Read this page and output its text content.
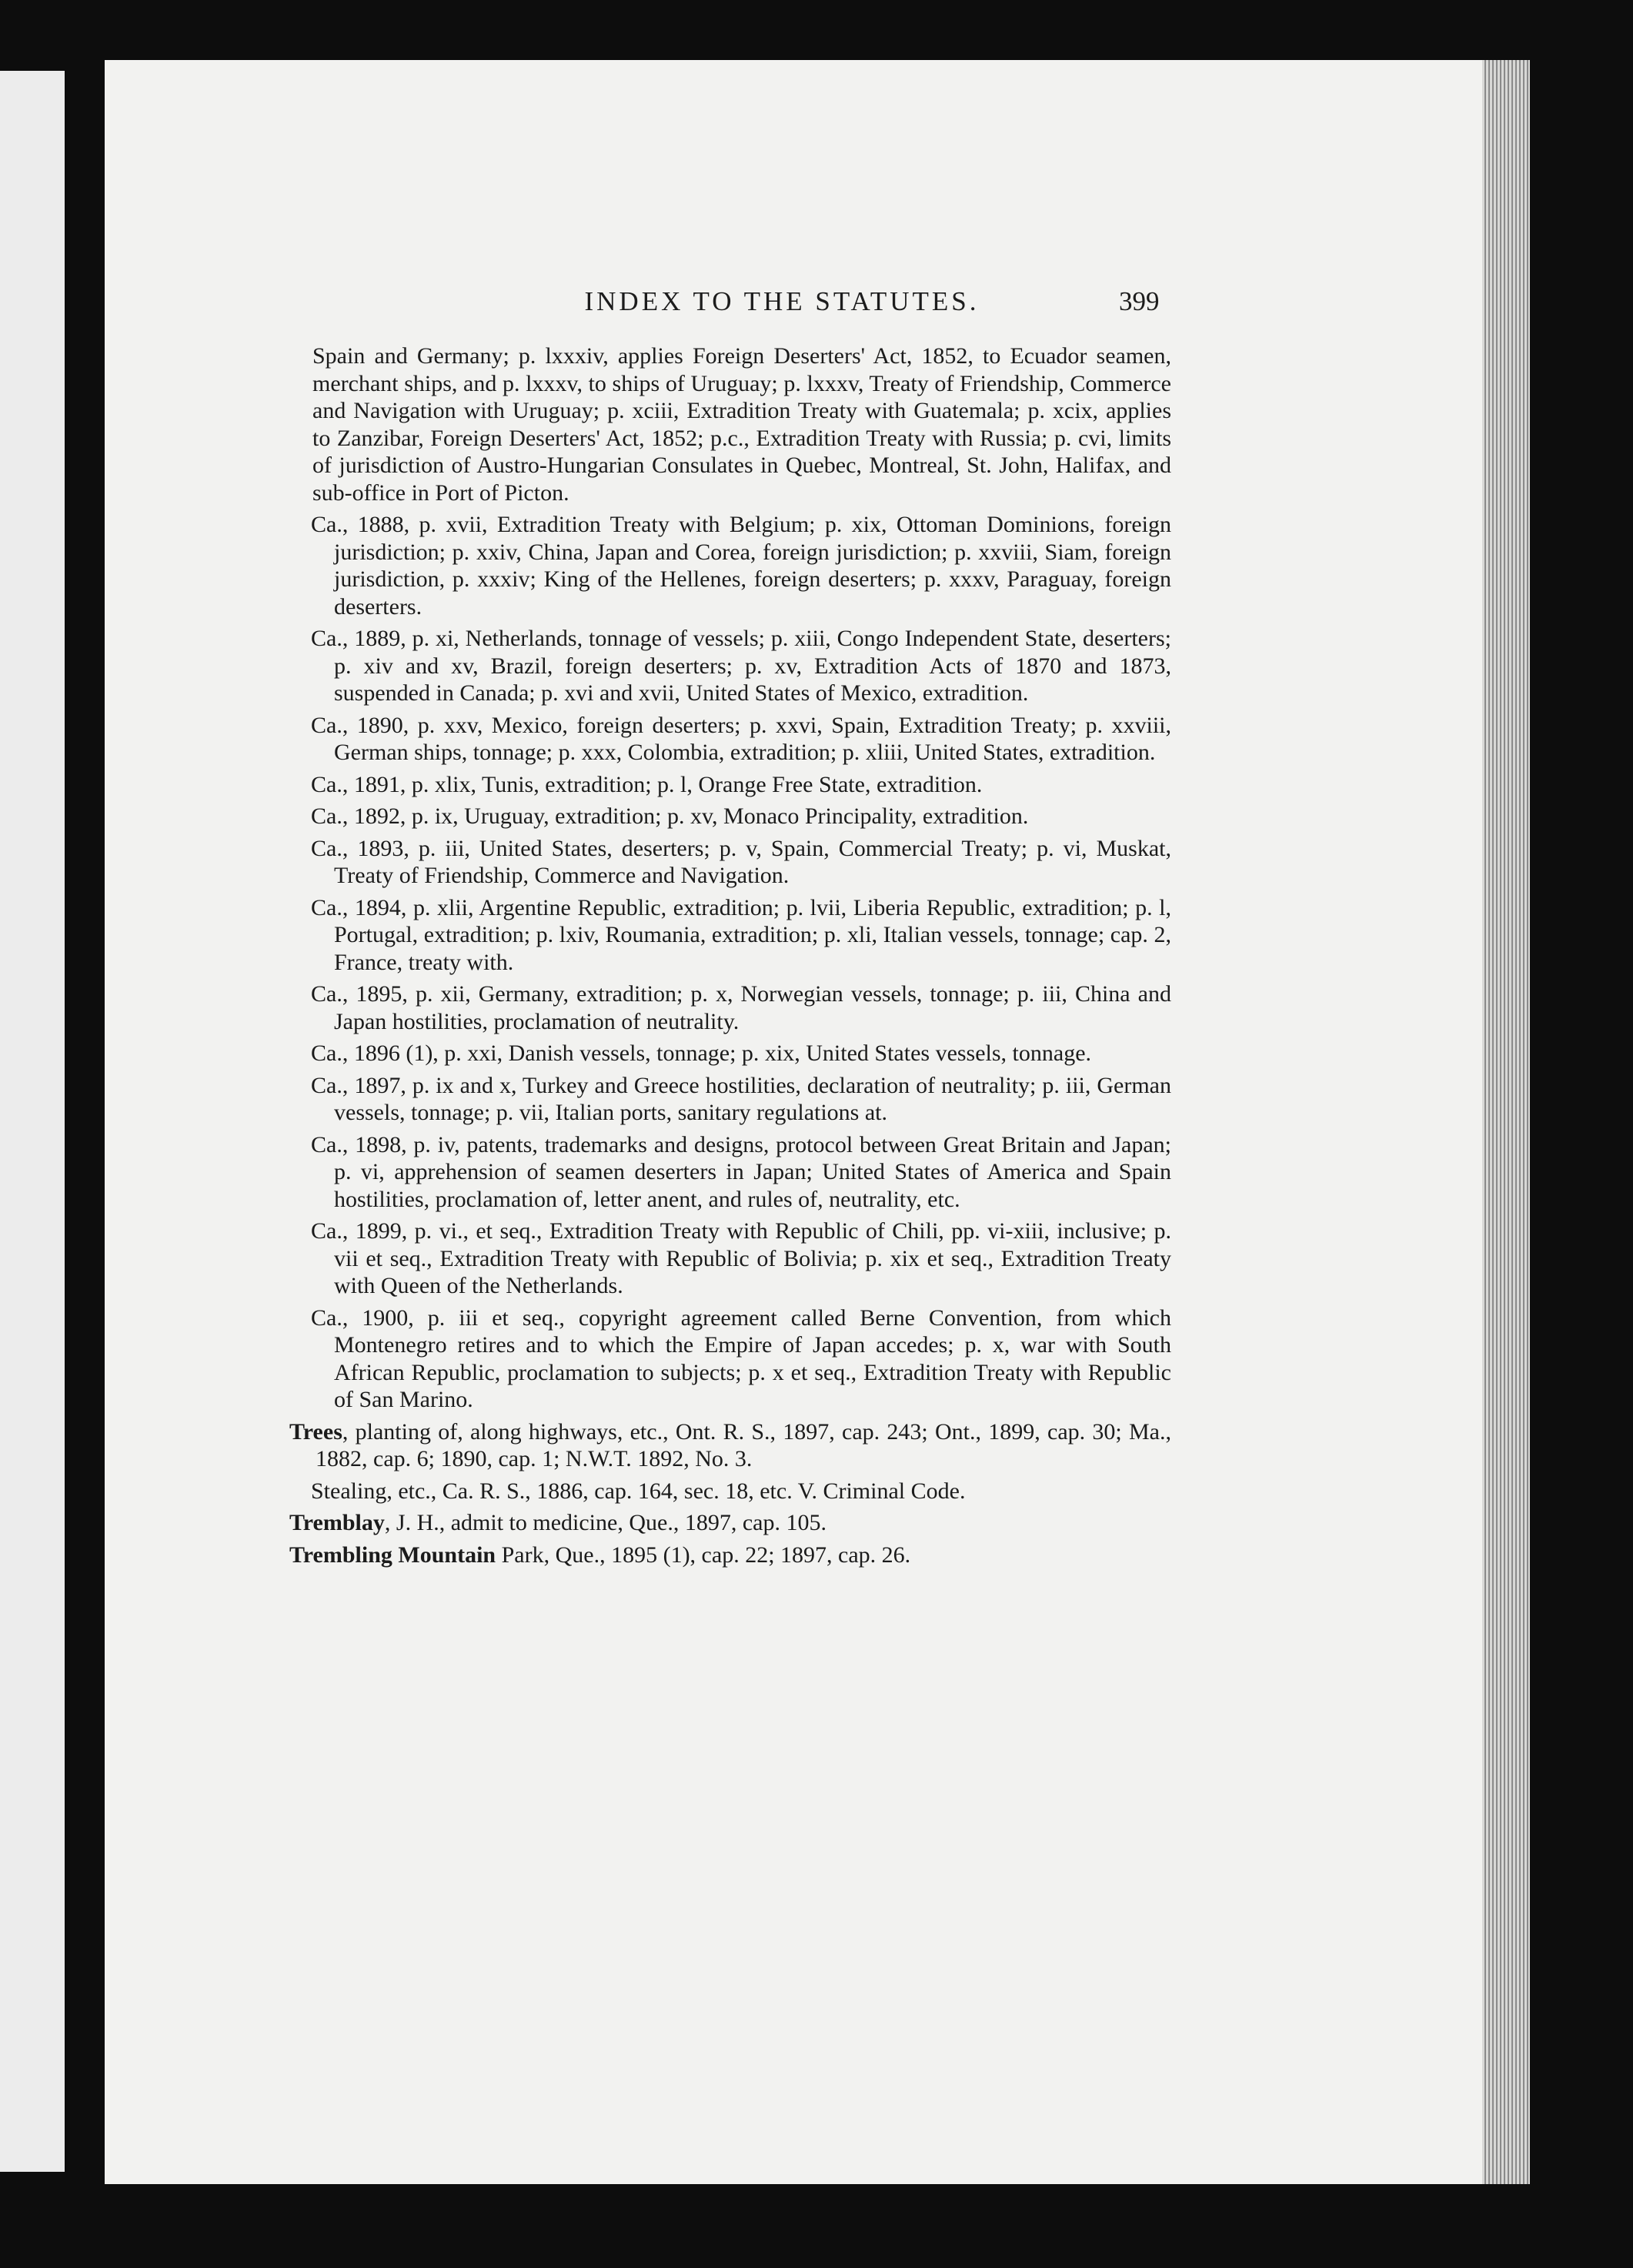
INDEX TO THE STATUTES.	399
Spain and Germany; p. lxxxiv, applies Foreign Deserters' Act, 1852, to Ecuador seamen, merchant ships, and p. lxxxv, to ships of Uruguay; p. lxxxv, Treaty of Friendship, Commerce and Navigation with Uruguay; p. xciii, Extradition Treaty with Guatemala; p. xcix, applies to Zanzibar, Foreign Deserters' Act, 1852; p.c., Extradition Treaty with Russia; p. cvi, limits of jurisdiction of Austro-Hungarian Consulates in Quebec, Montreal, St. John, Halifax, and sub-office in Port of Picton.
Ca., 1888, p. xvii, Extradition Treaty with Belgium; p. xix, Ottoman Dominions, foreign jurisdiction; p. xxiv, China, Japan and Corea, foreign jurisdiction; p. xxviii, Siam, foreign jurisdiction, p. xxxiv; King of the Hellenes, foreign deserters; p. xxxv, Paraguay, foreign deserters.
Ca., 1889, p. xi, Netherlands, tonnage of vessels; p. xiii, Congo Independent State, deserters; p. xiv and xv, Brazil, foreign deserters; p. xv, Extradition Acts of 1870 and 1873, suspended in Canada; p. xvi and xvii, United States of Mexico, extradition.
Ca., 1890, p. xxv, Mexico, foreign deserters; p. xxvi, Spain, Extradition Treaty; p. xxviii, German ships, tonnage; p. xxx, Colombia, extradition; p. xliii, United States, extradition.
Ca., 1891, p. xlix, Tunis, extradition; p. l, Orange Free State, extradition.
Ca., 1892, p. ix, Uruguay, extradition; p. xv, Monaco Principality, extradition.
Ca., 1893, p. iii, United States, deserters; p. v, Spain, Commercial Treaty; p. vi, Muskat, Treaty of Friendship, Commerce and Navigation.
Ca., 1894, p. xlii, Argentine Republic, extradition; p. lvii, Liberia Republic, extradition; p. l, Portugal, extradition; p. lxiv, Roumania, extradition; p. xli, Italian vessels, tonnage; cap. 2, France, treaty with.
Ca., 1895, p. xii, Germany, extradition; p. x, Norwegian vessels, tonnage; p. iii, China and Japan hostilities, proclamation of neutrality.
Ca., 1896 (1), p. xxi, Danish vessels, tonnage; p. xix, United States vessels, tonnage.
Ca., 1897, p. ix and x, Turkey and Greece hostilities, declaration of neutrality; p. iii, German vessels, tonnage; p. vii, Italian ports, sanitary regulations at.
Ca., 1898, p. iv, patents, trademarks and designs, protocol between Great Britain and Japan; p. vi, apprehension of seamen deserters in Japan; United States of America and Spain hostilities, proclamation of, letter anent, and rules of, neutrality, etc.
Ca., 1899, p. vi., et seq., Extradition Treaty with Republic of Chili, pp. vi-xiii, inclusive; p. vii et seq., Extradition Treaty with Republic of Bolivia; p. xix et seq., Extradition Treaty with Queen of the Netherlands.
Ca., 1900, p. iii et seq., copyright agreement called Berne Convention, from which Montenegro retires and to which the Empire of Japan accedes; p. x, war with South African Republic, proclamation to subjects; p. x et seq., Extradition Treaty with Republic of San Marino.
Trees, planting of, along highways, etc., Ont. R. S., 1897, cap. 243; Ont., 1899, cap. 30; Ma., 1882, cap. 6; 1890, cap. 1; N.W.T. 1892, No. 3.
Stealing, etc., Ca. R. S., 1886, cap. 164, sec. 18, etc. V. Criminal Code.
Tremblay, J. H., admit to medicine, Que., 1897, cap. 105.
Trembling Mountain Park, Que., 1895 (1), cap. 22; 1897, cap. 26.
